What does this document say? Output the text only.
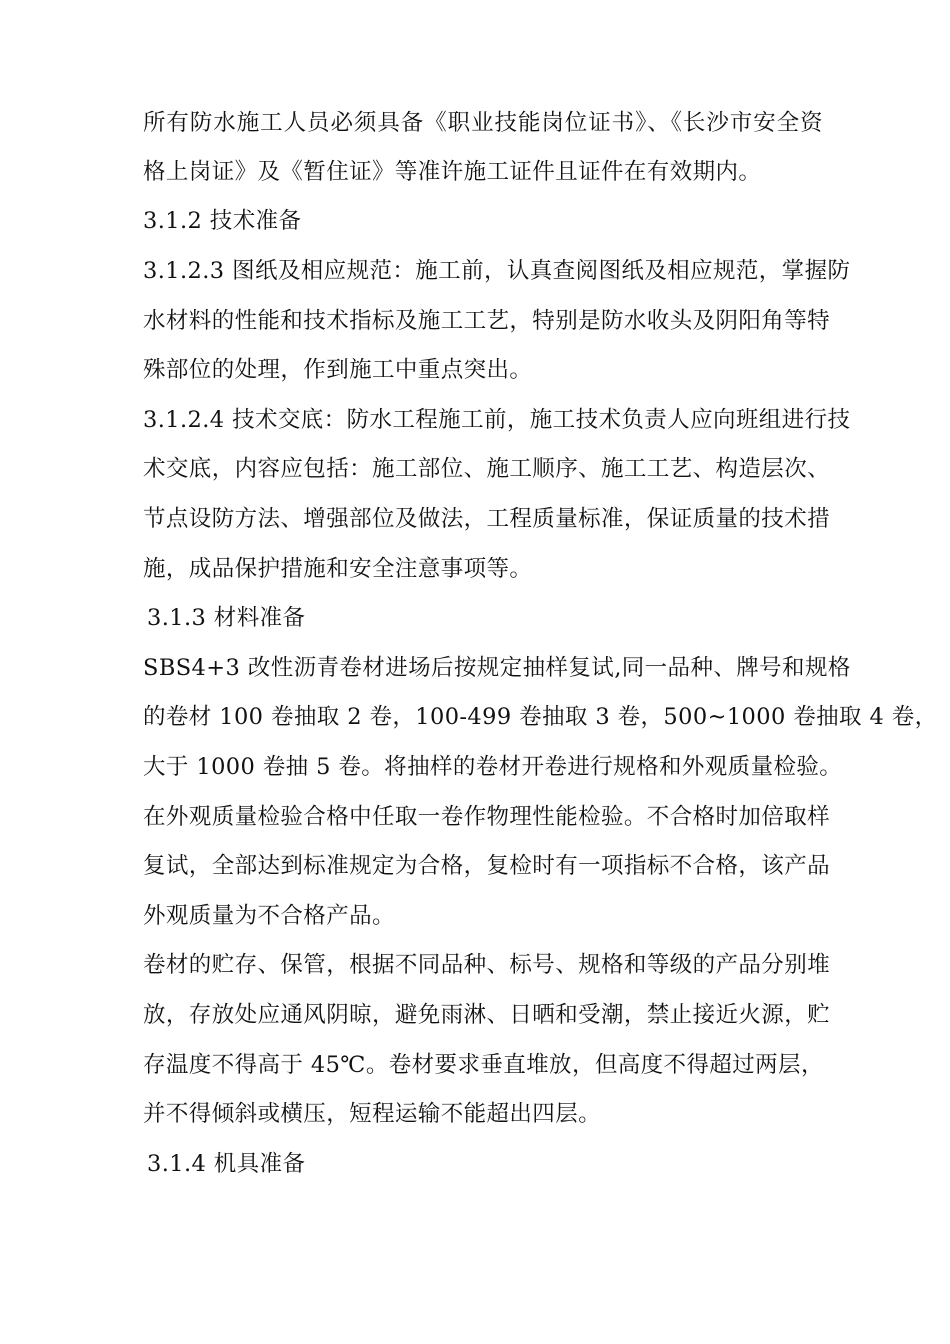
所有防水施工人员必须具备《职业技能岗位证书》、《长沙市安全资
格上岗证》及《暂住证》等准许施工证件且证件在有效期内。
3.1.2 技术准备
3.1.2.3 图纸及相应规范：施工前，认真查阅图纸及相应规范，掌握防
水材料的性能和技术指标及施工工艺，特别是防水收头及阴阳角等特
殊部位的处理，作到施工中重点突出。
3.1.2.4 技术交底：防水工程施工前，施工技术负责人应向班组进行技
术交底，内容应包括：施工部位、施工顺序、施工工艺、构造层次、
节点设防方法、增强部位及做法，工程质量标准，保证质量的技术措
施，成品保护措施和安全注意事项等。
3.1.3 材料准备
SBS4+3 改性沥青卷材进场后按规定抽样复试,同一品种、牌号和规格
的卷材 100 卷抽取 2 卷，100-499 卷抽取 3 卷，500~1000 卷抽取 4 卷，
大于 1000 卷抽 5 卷。将抽样的卷材开卷进行规格和外观质量检验。
在外观质量检验合格中任取一卷作物理性能检验。不合格时加倍取样
复试，全部达到标准规定为合格，复检时有一项指标不合格，该产品
外观质量为不合格产品。
卷材的贮存、保管，根据不同品种、标号、规格和等级的产品分别堆
放，存放处应通风阴晾，避免雨淋、日晒和受潮，禁止接近火源，贮
存温度不得高于 45℃。卷材要求垂直堆放，但高度不得超过两层，
并不得倾斜或横压，短程运输不能超出四层。
3.1.4 机具准备
